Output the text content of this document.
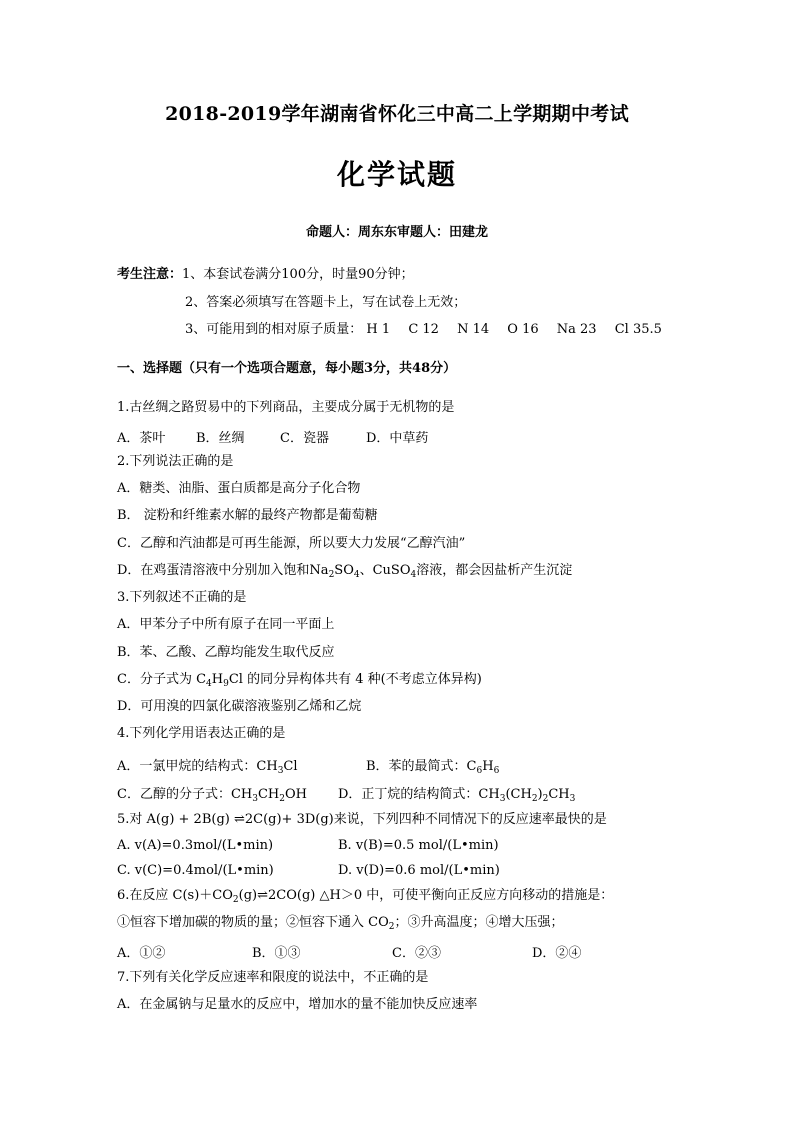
2018-2019学年湖南省怀化三中高二上学期期中考试
化学试题
命题人：周东东审题人：田建龙
考生注意：1、本套试卷满分100分，时量90分钟；
2、答案必须填写在答题卡上，写在试卷上无效；
3、可能用到的相对原子质量： H 1 C 12 N 14 O 16 Na 23 Cl 35.5
一、选择题（只有一个选项合题意，每小题3分，共48分）
1.古丝绸之路贸易中的下列商品，主要成分属于无机物的是
A．茶叶 B．丝绸	C．瓷器	D．中草药
2.下列说法正确的是
A．糖类、油脂、蛋白质都是高分子化合物
B． 淀粉和纤维素水解的最终产物都是葡萄糖
C．乙醇和汽油都是可再生能源，所以要大力发展“乙醇汽油”
D．在鸡蛋清溶液中分别加入饱和$Na_2SO_4$、CuSO$_4$溶液，都会因盐析产生沉淀
3.下列叙述不正确的是
A．甲苯分子中所有原子在同一平面上
B．苯、乙酸、乙醇均能发生取代反应
C．分子式为 $C_4H_9Cl$ 的同分异构体共有 4 种(不考虑立体异构)
D．可用溴的四氯化碳溶液鉴别乙烯和乙烷
4.下列化学用语表达正确的是
A．一氯甲烷的结构式：$CH_3Cl$	B．苯的最简式：$C_6H_6$
C．乙醇的分子式：$CH_3CH_2OH$ D．正丁烷的结构简式：$CH_3(CH_2)_2CH_3$
5.对 A(g) + 2B(g) ⇌2C(g)+ 3D(g)来说，下列四种不同情况下的反应速率最快的是
A. v(A)=0.3mol/(L•min)	B. v(B)=0.5 mol/(L•min)
C. v(C)=0.4mol/(L•min)	D. v(D)=0.6 mol/(L•min)
6.在反应 $C(s)+CO_2(g)\rightleftharpoons 2CO(g)$ △H＞0 中，可使平衡向正反应方向移动的措施是：
①恒容下增加碳的物质的量；②恒容下通入 $CO_2$；③升高温度；④增大压强；
A．①②	B．①③	C．②③	D．②④
7.下列有关化学反应速率和限度的说法中，不正确的是
A．在金属钠与足量水的反应中，增加水的量不能加快反应速率
